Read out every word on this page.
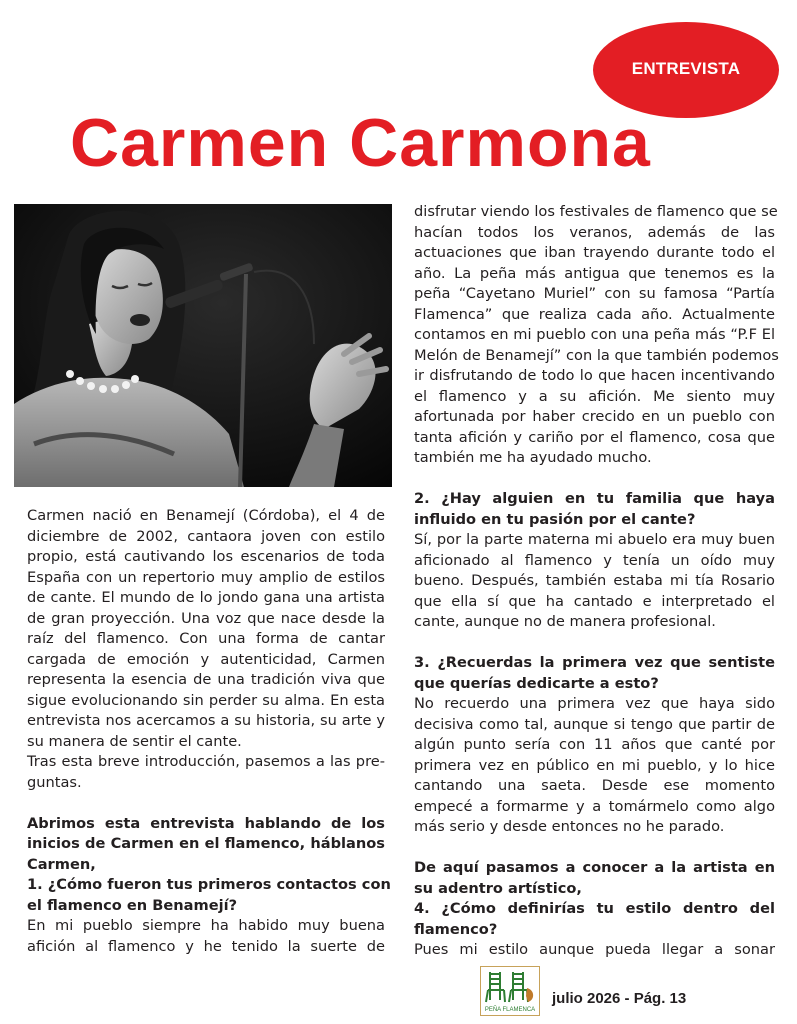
ENTREVISTA
Carmen Carmona
Carmen nació en Benamejí (Córdoba), el 4 de
diciembre de 2002, cantaora joven con estilo
propio, está cautivando los escenarios de toda
España con un repertorio muy amplio de estilos
de cante. El mundo de lo jondo gana una artista
de gran proyección. Una voz que nace desde la
raíz del flamenco. Con una forma de cantar
cargada de emoción y autenticidad, Carmen
representa la esencia de una tradición viva que
sigue evolucionando sin perder su alma. En esta
entrevista nos acercamos a su historia, su arte y
su manera de sentir el cante.
Tras esta breve introducción, pasemos a las pre-
guntas.
Abrimos esta entrevista hablando de los
inicios de Carmen en el flamenco, háblanos
Carmen,
1. ¿Cómo fueron tus primeros contactos con
el flamenco en Benamejí?
En mi pueblo siempre ha habido muy buena
afición al flamenco y he tenido la suerte de
disfrutar viendo los festivales de flamenco que se
hacían todos los veranos, además de las
actuaciones que iban trayendo durante todo el
año. La peña más antigua que tenemos es la
peña “Cayetano Muriel” con su famosa “Partía
Flamenca” que realiza cada año. Actualmente
contamos en mi pueblo con una peña más “P.F El
Melón de Benamejí” con la que también podemos
ir disfrutando de todo lo que hacen incentivando
el flamenco y a su afición. Me siento muy
afortunada por haber crecido en un pueblo con
tanta afición y cariño por el flamenco, cosa que
también me ha ayudado mucho.
2. ¿Hay alguien en tu familia que haya
influido en tu pasión por el cante?
Sí, por la parte materna mi abuelo era muy buen
aficionado al flamenco y tenía un oído muy
bueno. Después, también estaba mi tía Rosario
que ella sí que ha cantado e interpretado el
cante, aunque no de manera profesional.
3. ¿Recuerdas la primera vez que sentiste
que querías dedicarte a esto?
No recuerdo una primera vez que haya sido
decisiva como tal, aunque si tengo que partir de
algún punto sería con 11 años que canté por
primera vez en público en mi pueblo, y lo hice
cantando una saeta. Desde ese momento
empecé a formarme y a tomármelo como algo
más serio y desde entonces no he parado.
De aquí pasamos a conocer a la artista en
su adentro artístico,
4. ¿Cómo definirías tu estilo dentro del
flamenco?
Pues mi estilo aunque pueda llegar a sonar
PEÑA FLAMENCA
julio 2026 - Pág. 13
